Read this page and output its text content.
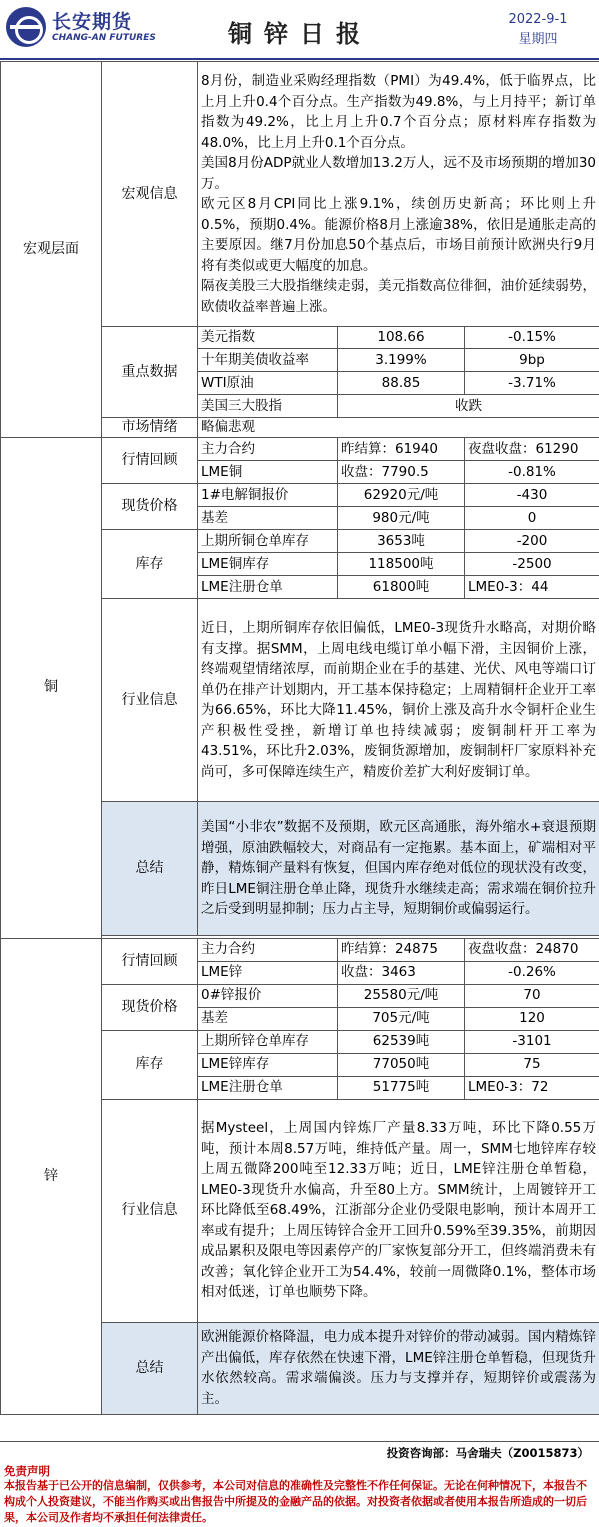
长安期货
CHANG-AN FUTURES	铜锌日报
2022-9-1
星期四
宏观层面	宏观信息	8月份，制造业采购经理指数（PMI）为49.4%，低于临界点，比上月上升0.4个百分点。生产指数为49.8%，与上月持平；新订单指数为49.2%，比上月上升0.7个百分点；原材料库存指数为48.0%，比上月上升0.1个百分点。
美国8月份ADP就业人数增加13.2万人，远不及市场预期的增加30万。
欧元区8月CPI同比上涨9.1%，续创历史新高；环比则上升0.5%，预期0.4%。能源价格8月上涨逾38%，依旧是通胀走高的主要原因。继7月份加息50个基点后，市场目前预计欧洲央行9月将有类似或更大幅度的加息。
隔夜美股三大股指继续走弱，美元指数高位徘徊，油价延续弱势，欧债收益率普遍上涨。		

	重点数据	美元指数	108.66	-0.15%
		十年期美债收益率	3.199%	9bp
		WTI原油	88.85	-3.71%
		美国三大股指	收跌	
	市场情绪	略偏悲观		
铜	行情回顾	主力合约	昨结算：61940	夜盘收盘：61290
		LME铜	收盘：7790.5	-0.81%
	现货价格	1#电解铜报价	62920元/吨	-430
		基差	980元/吨	0
	库存	上期所铜仓单库存	3653吨	-200
		LME铜库存	118500吨	-2500
		LME注册仓单	61800吨	LME0-3：44
	行业信息	近日，上期所铜库存依旧偏低，LME0-3现货升水略高，对期价略有支撑。据SMM，上周电线电缆订单小幅下滑，主因铜价上涨，终端观望情绪浓厚，而前期企业在手的基建、光伏、风电等端口订单仍在排产计划期内，开工基本保持稳定；上周精铜杆企业开工率为66.65%，环比大降11.45%，铜价上涨及高升水令铜杆企业生产积极性受挫，新增订单也持续减弱；废铜制杆开工率为43.51%，环比升2.03%，废铜货源增加，废铜制杆厂家原料补充尚可，多可保障连续生产，精废价差扩大利好废铜订单。		
	总结	美国“小非农”数据不及预期，欧元区高通胀，海外缩水+衰退预期增强，原油跌幅较大，对商品有一定拖累。基本面上，矿端相对平静，精炼铜产量料有恢复，但国内库存绝对低位的现状没有改变，昨日LME铜注册仓单止降，现货升水继续走高；需求端在铜价拉升之后受到明显抑制；压力占主导，短期铜价或偏弱运行。		

锌	行情回顾	主力合约	昨结算：24875	夜盘收盘：24870
		LME锌	收盘：3463	-0.26%
	现货价格	0#锌报价	25580元/吨	70
		基差	705元/吨	120
	库存	上期所锌仓单库存	62539吨	-3101
		LME锌库存	77050吨	75
		LME注册仓单	51775吨	LME0-3：72
	行业信息	据Mysteel，上周国内锌炼厂产量8.33万吨，环比下降0.55万吨，预计本周8.57万吨，维持低产量。周一，SMM七地锌库存较上周五微降200吨至12.33万吨；近日，LME锌注册仓单暂稳，LME0-3现货升水偏高，升至80上方。SMM统计，上周镀锌开工环比降低至68.49%，江浙部分企业仍受限电影响，预计本周开工率或有提升；上周压铸锌合金开工回升0.59%至39.35%，前期因成品累积及限电等因素停产的厂家恢复部分开工，但终端消费未有改善；氧化锌企业开工为54.4%，较前一周微降0.1%，整体市场相对低迷，订单也顺势下降。		
	总结	欧洲能源价格降温，电力成本提升对锌价的带动减弱。国内精炼锌产出偏低，库存依然在快速下滑，LME锌注册仓单暂稳，但现货升水依然较高。需求端偏淡。压力与支撑并存，短期锌价或震荡为主。		
投资咨询部：马舍瑞夫（Z0015873）
免责声明
本报告基于已公开的信息编制，仅供参考，本公司对信息的准确性及完整性不作任何保证。无论在何种情况下，本报告不构成个人投资建议，不能当作购买或出售报告中所提及的金融产品的依据。对投资者依据或者使用本报告所造成的一切后果，本公司及作者均不承担任何法律责任。
